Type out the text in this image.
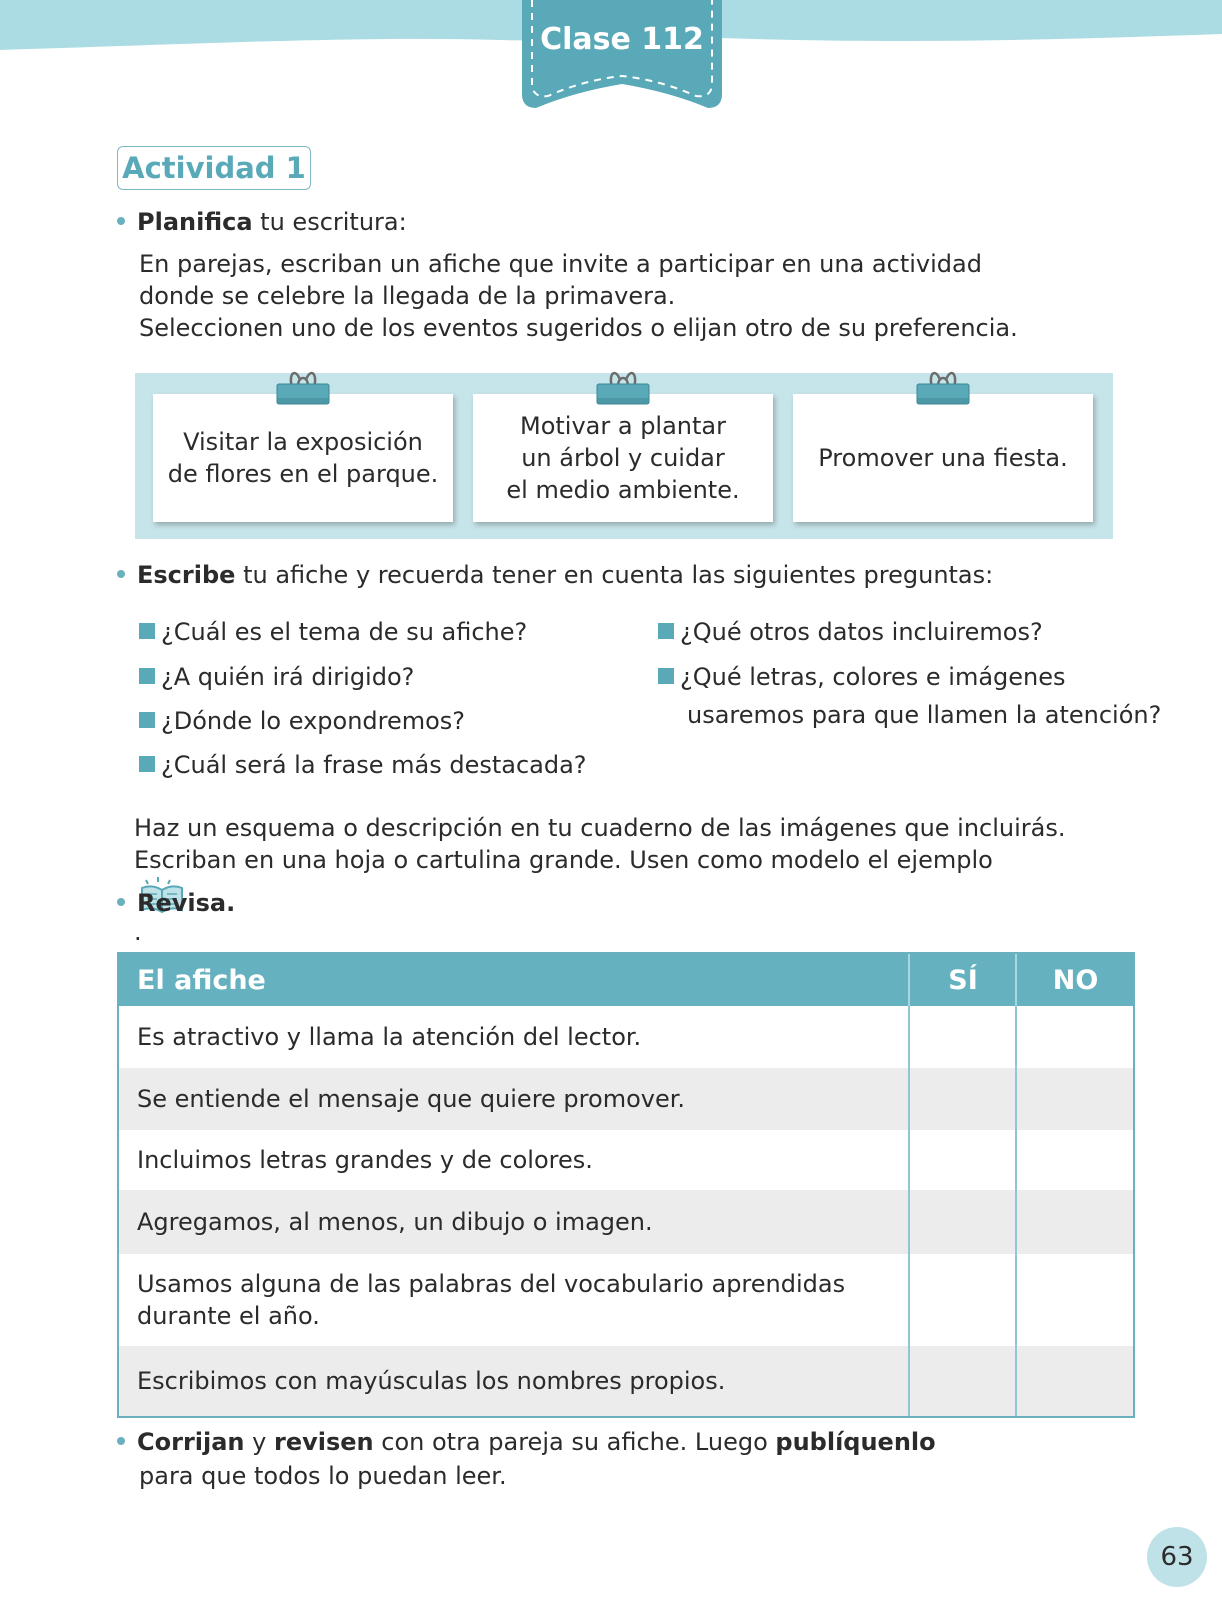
Clase 112
Actividad 1
Planifica tu escritura:
En parejas, escriban un afiche que invite a participar en una actividad
donde se celebre la llegada de la primavera.
Seleccionen uno de los eventos sugeridos o elijan otro de su preferencia.
Visitar la exposición
de flores en el parque.
Motivar a plantar
un árbol y cuidar
el medio ambiente.
Promover una fiesta.
Escribe tu afiche y recuerda tener en cuenta las siguientes preguntas:
¿Cuál es el tema de su afiche?
¿A quién irá dirigido?
¿Dónde lo expondremos?
¿Cuál será la frase más destacada?
¿Qué otros datos incluiremos?
¿Qué letras, colores e imágenes
usaremos para que llamen la atención?
Haz un esquema o descripción en tu cuaderno de las imágenes que incluirás.
Escriban en una hoja o cartulina grande. Usen como modelo el ejemplo
.
Revisa.
El afiche	SÍ	NO
Es atractivo y llama la atención del lector.
Se entiende el mensaje que quiere promover.
Incluimos letras grandes y de colores.
Agregamos, al menos, un dibujo o imagen.
Usamos alguna de las palabras del vocabulario aprendidas
durante el año.
Escribimos con mayúsculas los nombres propios.
Corrijan y revisen con otra pareja su afiche. Luego publíquenlo
para que todos lo puedan leer.
63
